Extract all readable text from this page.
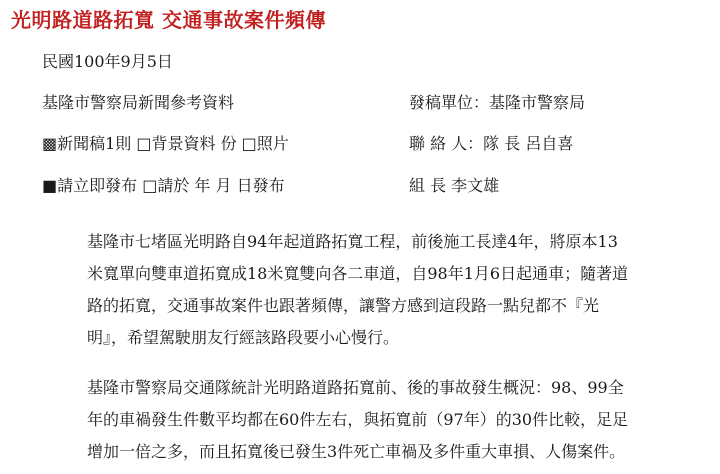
光明路道路拓寬 交通事故案件頻傳
民國100年9月5日
基隆市警察局新聞參考資料	發稿單位：基隆市警察局
▩新聞稿1則 □背景資料 份 □照片	聯 絡 人：隊 長 呂自喜
■請立即發布 □請於 年 月 日發布	組 長 李文雄
基隆市七堵區光明路自94年起道路拓寬工程，前後施工長達4年，將原本13
米寬單向雙車道拓寬成18米寬雙向各二車道，自98年1月6日起通車；隨著道
路的拓寬，交通事故案件也跟著頻傳，讓警方感到這段路一點兒都不『光
明』，希望駕駛朋友行經該路段要小心慢行。
基隆市警察局交通隊統計光明路道路拓寬前、後的事故發生概況：98、99全
年的車禍發生件數平均都在60件左右，與拓寬前（97年）的30件比較，足足
增加一倍之多，而且拓寬後已發生3件死亡車禍及多件重大車損、人傷案件。
